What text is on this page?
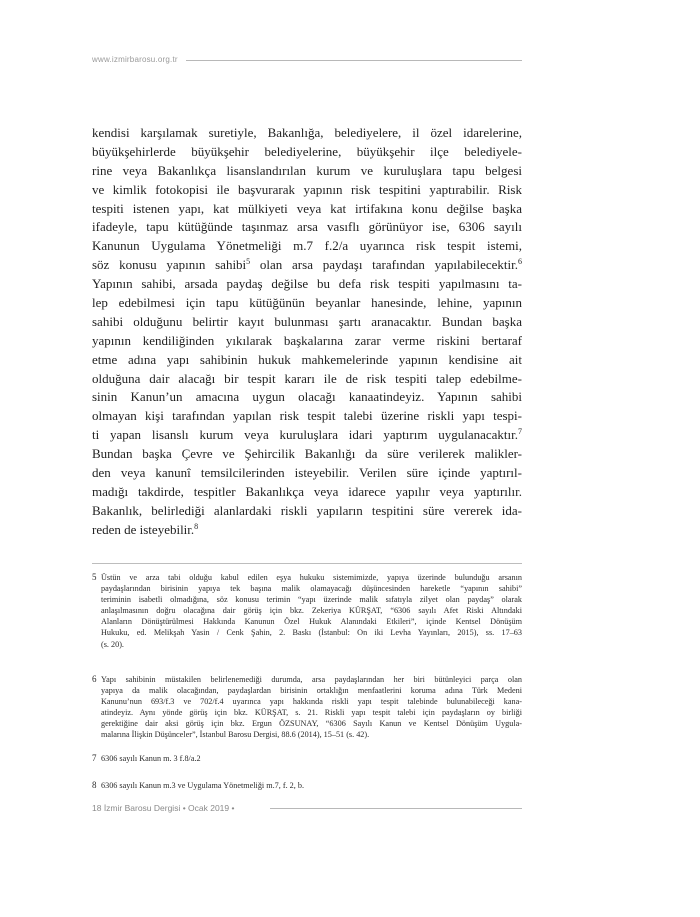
www.izmirbarosu.org.tr
kendisi karşılamak suretiyle, Bakanlığa, belediyelere, il özel idarelerine,
büyükşehirlerde büyükşehir belediyelerine, büyükşehir ilçe belediyele-
rine veya Bakanlıkça lisanslandırılan kurum ve kuruluşlara tapu belgesi
ve kimlik fotokopisi ile başvurarak yapının risk tespitini yaptırabilir. Risk
tespiti istenen yapı, kat mülkiyeti veya kat irtifakına konu değilse başka
ifadeyle, tapu kütüğünde taşınmaz arsa vasıflı görünüyor ise, 6306 sayılı
Kanunun Uygulama Yönetmeliği m.7 f.2/a uyarınca risk tespit istemi,
söz konusu yapının sahibi$^5$ olan arsa paydaşı tarafından yapılabilecektir.$^6$
Yapının sahibi, arsada paydaş değilse bu defa risk tespiti yapılmasını ta-
lep edebilmesi için tapu kütüğünün beyanlar hanesinde, lehine, yapının
sahibi olduğunu belirtir kayıt bulunması şartı aranacaktır. Bundan başka
yapının kendiliğinden yıkılarak başkalarına zarar verme riskini bertaraf
etme adına yapı sahibinin hukuk mahkemelerinde yapının kendisine ait
olduğuna dair alacağı bir tespit kararı ile de risk tespiti talep edebilme-
sinin Kanun’un amacına uygun olacağı kanaatindeyiz. Yapının sahibi
olmayan kişi tarafından yapılan risk tespit talebi üzerine riskli yapı tespi-
ti yapan lisanslı kurum veya kuruluşlara idari yaptırım uygulanacaktır.$^7$
Bundan başka Çevre ve Şehircilik Bakanlığı da süre verilerek malikler-
den veya kanunî temsilcilerinden isteyebilir. Verilen süre içinde yaptırıl-
madığı takdirde, tespitler Bakanlıkça veya idarece yapılır veya yaptırılır.
Bakanlık, belirlediği alanlardaki riskli yapıların tespitini süre vererek ida-
reden de isteyebilir.$^8$
5 Üstün ve arza tabi olduğu kabul edilen eşya hukuku sistemimizde, yapıya üzerinde bulunduğu arsanın
paydaşlarından birisinin yapıya tek başına malik olamayacağı düşüncesinden hareketle “yapının sahibi”
teriminin isabetli olmadığına, söz konusu terimin “yapı üzerinde malik sıfatıyla zilyet olan paydaş” olarak
anlaşılmasının doğru olacağına dair görüş için bkz. Zekeriya KÜRŞAT, “6306 sayılı Afet Riski Altındaki
Alanların Dönüştürülmesi Hakkında Kanunun Özel Hukuk Alanındaki Etkileri”, içinde Kentsel Dönüşüm
Hukuku, ed. Melikşah Yasin / Cenk Şahin, 2. Baskı (İstanbul: On iki Levha Yayınları, 2015), ss. 17–63
(s. 20).
6 Yapı sahibinin müstakilen belirlenemediği durumda, arsa paydaşlarından her biri bütünleyici parça olan
yapıya da malik olacağından, paydaşlardan birisinin ortaklığın menfaatlerini koruma adına Türk Medeni
Kanunu’nun 693/f.3 ve 702/f.4 uyarınca yapı hakkında riskli yapı tespit talebinde bulunabileceği kana-
atindeyiz. Aynı yönde görüş için bkz. KÜRŞAT, s. 21. Riskli yapı tespit talebi için paydaşların oy birliği
gerektiğine dair aksi görüş için bkz. Ergun ÖZSUNAY, “6306 Sayılı Kanun ve Kentsel Dönüşüm Uygula-
malarına İlişkin Düşünceler”, İstanbul Barosu Dergisi, 88.6 (2014), 15–51 (s. 42).
7 6306 sayılı Kanun m. 3 f.8/a.2
8 6306 sayılı Kanun m.3 ve Uygulama Yönetmeliği m.7, f. 2, b.
18 İzmir Barosu Dergisi • Ocak 2019 •
